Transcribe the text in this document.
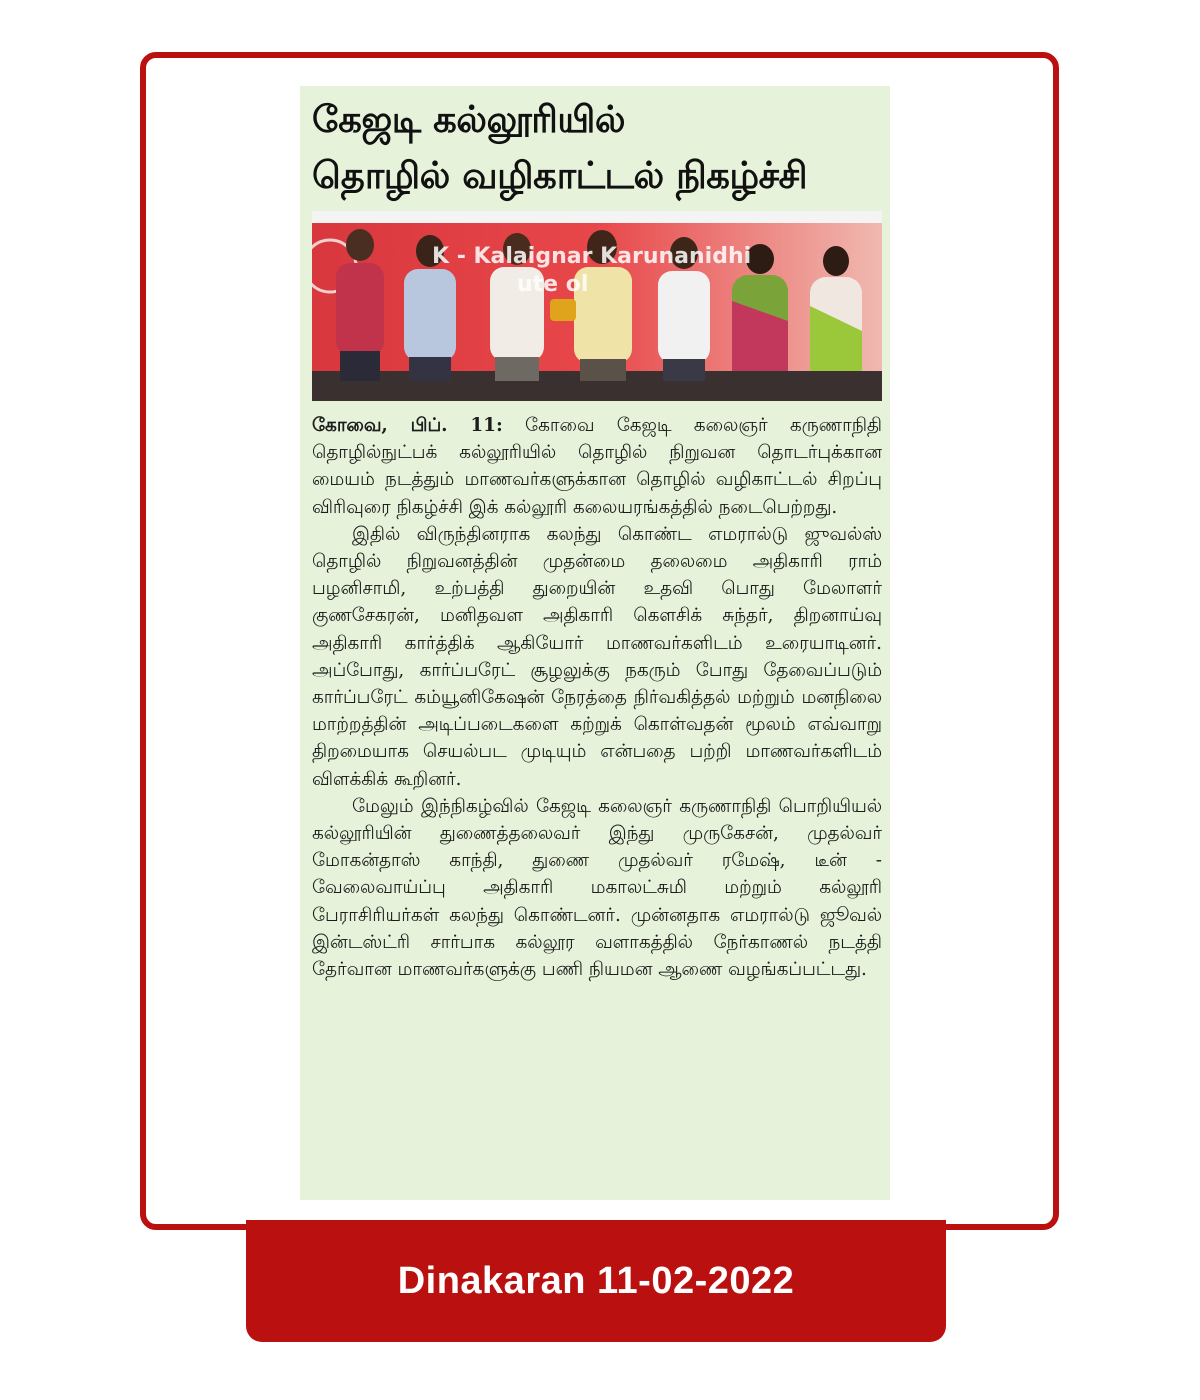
கேஜடி கல்லூரியில்
தொழில் வழிகாட்டல் நிகழ்ச்சி
K - Kalaignar Karunanidhi
ute ol

கோவை, பிப். 11: கோவை கேஜடி கலைஞர் கருணாநிதி தொழில்நுட்பக் கல்லூரியில் தொழில் நிறுவன தொடர்புக்கான மையம் நடத்தும் மாணவர்களுக்கான தொழில் வழிகாட்டல் சிறப்பு விரிவுரை நிகழ்ச்சி இக் கல்லூரி கலையரங்கத்தில் நடைபெற்றது.

இதில் விருந்தினராக கலந்து கொண்ட எமரால்டு ஜுவல்ஸ் தொழில் நிறுவனத்தின் முதன்மை தலைமை அதிகாரி ராம் பழனிசாமி, உற்பத்தி துறையின் உதவி பொது மேலாளர் குணசேகரன், மனிதவள அதிகாரி கௌசிக் சுந்தர், திறனாய்வு அதிகாரி கார்த்திக் ஆகியோர் மாணவர்களிடம் உரையாடினர். அப்போது, கார்ப்பரேட் சூழலுக்கு நகரும் போது தேவைப்படும் கார்ப்பரேட் கம்யூனிகேஷன் நேரத்தை நிர்வகித்தல் மற்றும் மனநிலை மாற்றத்தின் அடிப்படைகளை கற்றுக் கொள்வதன் மூலம் எவ்வாறு திறமையாக செயல்பட முடியும் என்பதை பற்றி மாணவர்களிடம் விளக்கிக் கூறினர்.

மேலும் இந்நிகழ்வில் கேஜடி கலைஞர் கருணாநிதி பொறியியல் கல்லூரியின் துணைத்தலைவர் இந்து முருகேசன், முதல்வர் மோகன்தாஸ் காந்தி, துணை முதல்வர் ரமேஷ், டீன் - வேலைவாய்ப்பு அதிகாரி மகாலட்சுமி மற்றும் கல்லூரி பேராசிரியர்கள் கலந்து கொண்டனர். முன்னதாக எமரால்டு ஜூவல் இன்டஸ்ட்ரி சார்பாக கல்லூர வளாகத்தில் நேர்காணல் நடத்தி தேர்வான மாணவர்களுக்கு பணி நியமன ஆணை வழங்கப்பட்டது.

Dinakaran 11-02-2022
